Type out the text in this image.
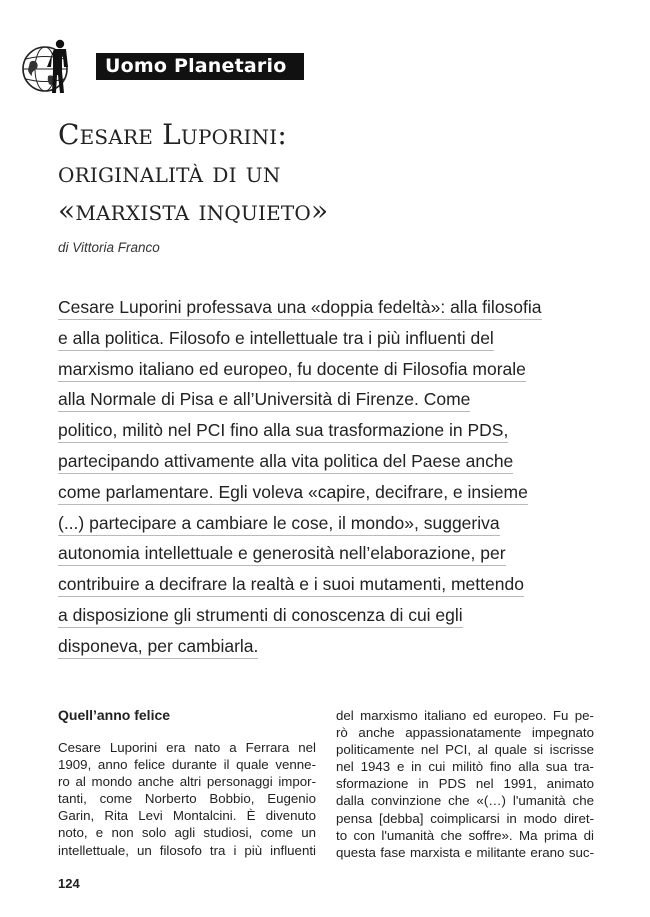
Uomo Planetario
Cesare Luporini:
originalità di un
«marxista inquieto»
di Vittoria Franco
Cesare Luporini professava una «doppia fedeltà»: alla filosofia
e alla politica. Filosofo e intellettuale tra i più influenti del
marxismo italiano ed europeo, fu docente di Filosofia morale
alla Normale di Pisa e all’Università di Firenze. Come
politico, militò nel PCI fino alla sua trasformazione in PDS,
partecipando attivamente alla vita politica del Paese anche
come parlamentare. Egli voleva «capire, decifrare, e insieme
(...) partecipare a cambiare le cose, il mondo», suggeriva
autonomia intellettuale e generosità nell’elaborazione, per
contribuire a decifrare la realtà e i suoi mutamenti, mettendo
a disposizione gli strumenti di conoscenza di cui egli
disponeva, per cambiarla.
Quell’anno felice
Cesare Luporini era nato a Ferrara nel
1909, anno felice durante il quale venne-
ro al mondo anche altri personaggi impor-
tanti, come Norberto Bobbio, Eugenio
Garin, Rita Levi Montalcini. È divenuto
noto, e non solo agli studiosi, come un
intellettuale, un filosofo tra i più influenti
del marxismo italiano ed europeo. Fu pe-
rò anche appassionatamente impegnato
politicamente nel PCI, al quale si iscrisse
nel 1943 e in cui militò fino alla sua tra-
sformazione in PDS nel 1991, animato
dalla convinzione che «(…) l'umanità che
pensa [debba] coimplicarsi in modo diret-
to con l'umanità che soffre». Ma prima di
questa fase marxista e militante erano suc-
124
